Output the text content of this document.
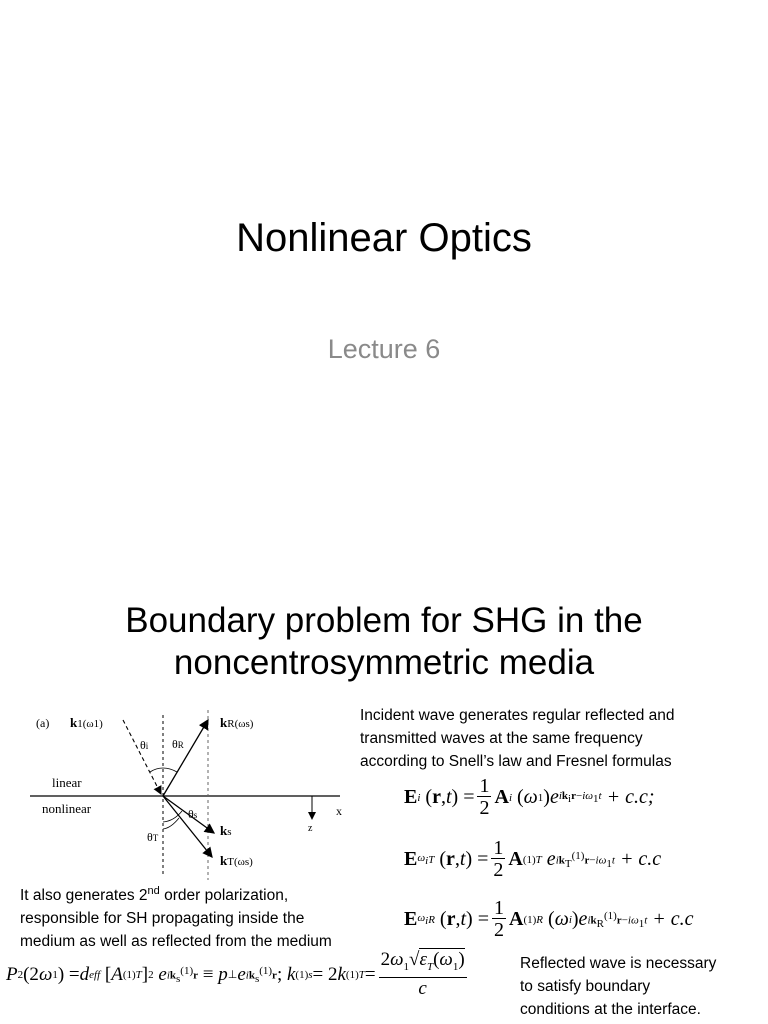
Nonlinear Optics
Lecture 6
Boundary problem for SHG in the
noncentrosymmetric media
(a) k1(ω1)	kR(ωs)
ks
kT(ωs)
θi θR
θs
θT
linear
nonlinear	x
z
Incident wave generates regular reflected and
transmitted waves at the same frequency
according to Snell’s law and Fresnel formulas
E i ( r , t ) = $\frac{1}{2}$ A i ( ω 1 ) e $ik_ir-i\omega_1t$
+ c.c;
E $\omega_i$ T ( r , t ) = $\frac{1}{2}$ A (1) T
e $ik_T^{(1)}r-i\omega_1t$
+ c.c
It also generates 2nd order polarization,
responsible for SH propagating inside the
medium as well as reflected from the medium
E $\omega_i$ R ( r , t ) = $\frac{1}{2}$ A (1) R ( ω i ) e $ik_R^{(1)}r-i\omega_1t$
+ c.c
P 2 (2 ω 1 ) = d eff [ A (1) T ] 2
e $ik_s^{(1)}r \equiv p$ ⊥ e $ik_s^{(1)}r$ ; k (1) s = 2 k (1) $T = \frac{2\omega_1√\varepsilon_T(\omega_1)}{c}$	Reflected wave is necessary
to satisfy boundary
conditions at the interface.
